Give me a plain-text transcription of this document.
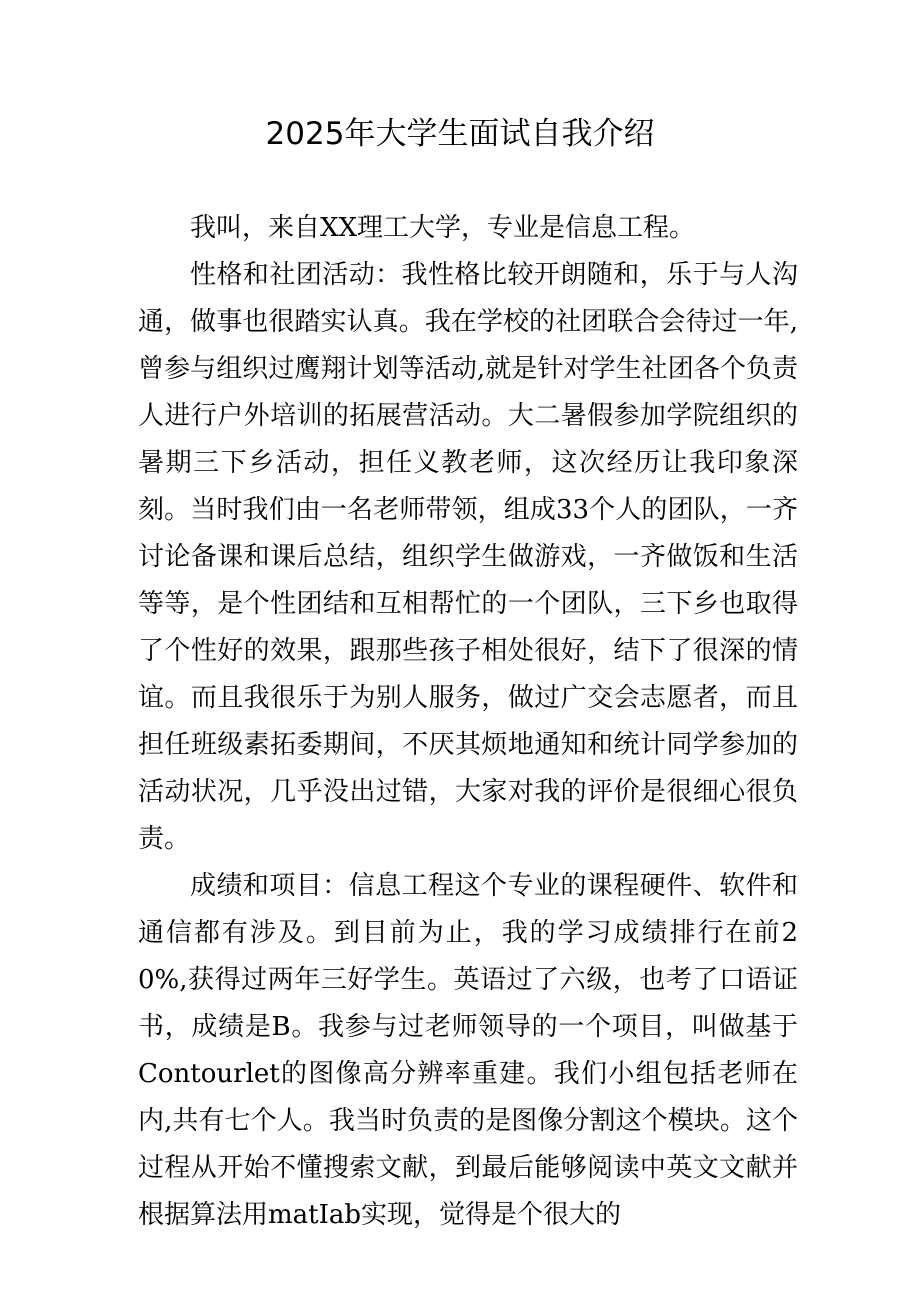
2025年大学生面试自我介绍

我叫，来自XX理工大学，专业是信息工程。

性格和社团活动：我性格比较开朗随和，乐于与人沟通，做事也很踏实认真。我在学校的社团联合会待过一年,曾参与组织过鹰翔计划等活动,就是针对学生社团各个负责人进行户外培训的拓展营活动。大二暑假参加学院组织的暑期三下乡活动，担任义教老师，这次经历让我印象深刻。当时我们由一名老师带领，组成33个人的团队，一齐讨论备课和课后总结，组织学生做游戏，一齐做饭和生活等等，是个性团结和互相帮忙的一个团队，三下乡也取得了个性好的效果，跟那些孩子相处很好，结下了很深的情谊。而且我很乐于为别人服务，做过广交会志愿者，而且担任班级素拓委期间，不厌其烦地通知和统计同学参加的活动状况，几乎没出过错，大家对我的评价是很细心很负责。

成绩和项目：信息工程这个专业的课程硬件、软件和通信都有涉及。到目前为止，我的学习成绩排行在前20%,获得过两年三好学生。英语过了六级，也考了口语证书，成绩是B。我参与过老师领导的一个项目，叫做基于Contourlet的图像高分辨率重建。我们小组包括老师在内,共有七个人。我当时负责的是图像分割这个模块。这个过程从开始不懂搜索文献，到最后能够阅读中英文文献并根据算法用matIab实现，觉得是个很大的
